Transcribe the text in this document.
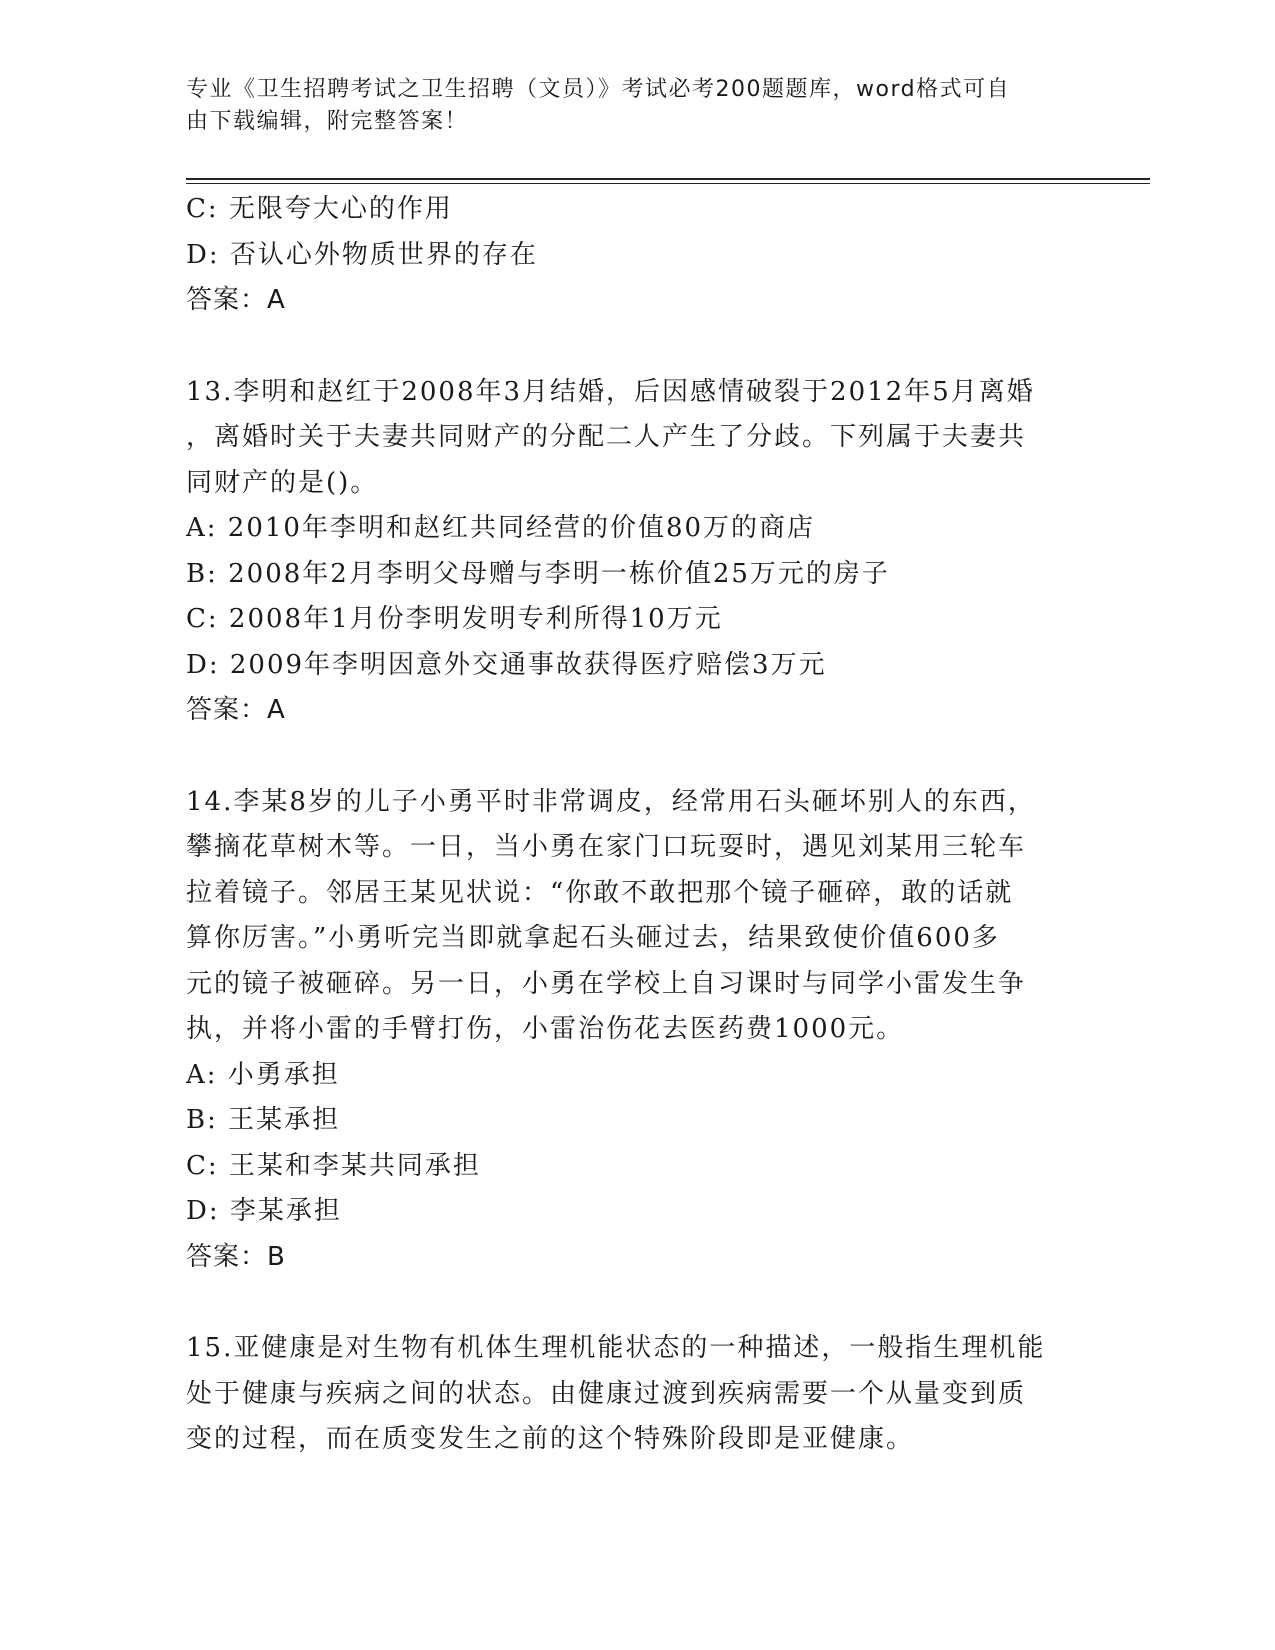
专业《卫生招聘考试之卫生招聘（文员）》考试必考200题题库，word格式可自
由下载编辑，附完整答案！
C: 无限夸大心的作用
D: 否认心外物质世界的存在
答案：A
13.李明和赵红于2008年3月结婚，后因感情破裂于2012年5月离婚
，离婚时关于夫妻共同财产的分配二人产生了分歧。下列属于夫妻共
同财产的是()。
A: 2010年李明和赵红共同经营的价值80万的商店
B: 2008年2月李明父母赠与李明一栋价值25万元的房子
C: 2008年1月份李明发明专利所得10万元
D: 2009年李明因意外交通事故获得医疗赔偿3万元
答案：A
14.李某8岁的儿子小勇平时非常调皮，经常用石头砸坏别人的东西，
攀摘花草树木等。一日，当小勇在家门口玩耍时，遇见刘某用三轮车
拉着镜子。邻居王某见状说：“你敢不敢把那个镜子砸碎，敢的话就
算你厉害。”小勇听完当即就拿起石头砸过去，结果致使价值600多
元的镜子被砸碎。另一日，小勇在学校上自习课时与同学小雷发生争
执，并将小雷的手臂打伤，小雷治伤花去医药费1000元。
A: 小勇承担
B: 王某承担
C: 王某和李某共同承担
D: 李某承担
答案：B
15.亚健康是对生物有机体生理机能状态的一种描述，一般指生理机能
处于健康与疾病之间的状态。由健康过渡到疾病需要一个从量变到质
变的过程，而在质变发生之前的这个特殊阶段即是亚健康。
